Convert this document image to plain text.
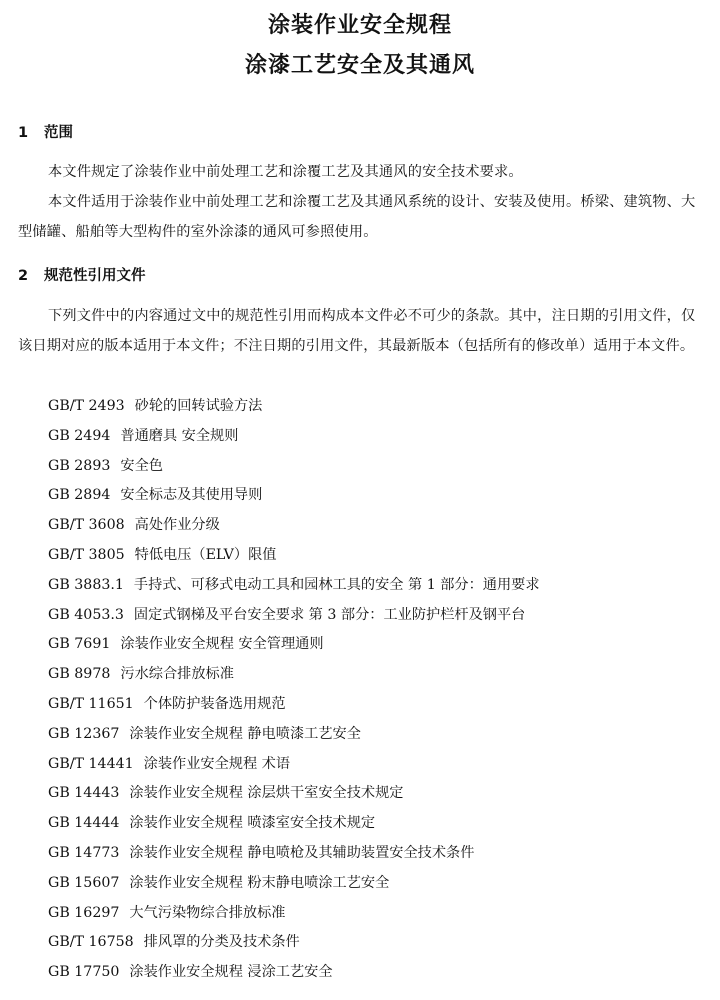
涂装作业安全规程
涂漆工艺安全及其通风
1 范围
本文件规定了涂装作业中前处理工艺和涂覆工艺及其通风的安全技术要求。
本文件适用于涂装作业中前处理工艺和涂覆工艺及其通风系统的设计、安装及使用。桥梁、建筑物、大型储罐、船舶等大型构件的室外涂漆的通风可参照使用。
2 规范性引用文件
下列文件中的内容通过文中的规范性引用而构成本文件必不可少的条款。其中，注日期的引用文件，仅该日期对应的版本适用于本文件；不注日期的引用文件，其最新版本（包括所有的修改单）适用于本文件。
GB/T 2493 砂轮的回转试验方法
GB 2494 普通磨具 安全规则
GB 2893 安全色
GB 2894 安全标志及其使用导则
GB/T 3608 高处作业分级
GB/T 3805 特低电压（ELV）限值
GB 3883.1 手持式、可移式电动工具和园林工具的安全 第 1 部分：通用要求
GB 4053.3 固定式钢梯及平台安全要求 第 3 部分：工业防护栏杆及钢平台
GB 7691 涂装作业安全规程 安全管理通则
GB 8978 污水综合排放标准
GB/T 11651 个体防护装备选用规范
GB 12367 涂装作业安全规程 静电喷漆工艺安全
GB/T 14441 涂装作业安全规程 术语
GB 14443 涂装作业安全规程 涂层烘干室安全技术规定
GB 14444 涂装作业安全规程 喷漆室安全技术规定
GB 14773 涂装作业安全规程 静电喷枪及其辅助装置安全技术条件
GB 15607 涂装作业安全规程 粉末静电喷涂工艺安全
GB 16297 大气污染物综合排放标准
GB/T 16758 排风罩的分类及技术条件
GB 17750 涂装作业安全规程 浸涂工艺安全
